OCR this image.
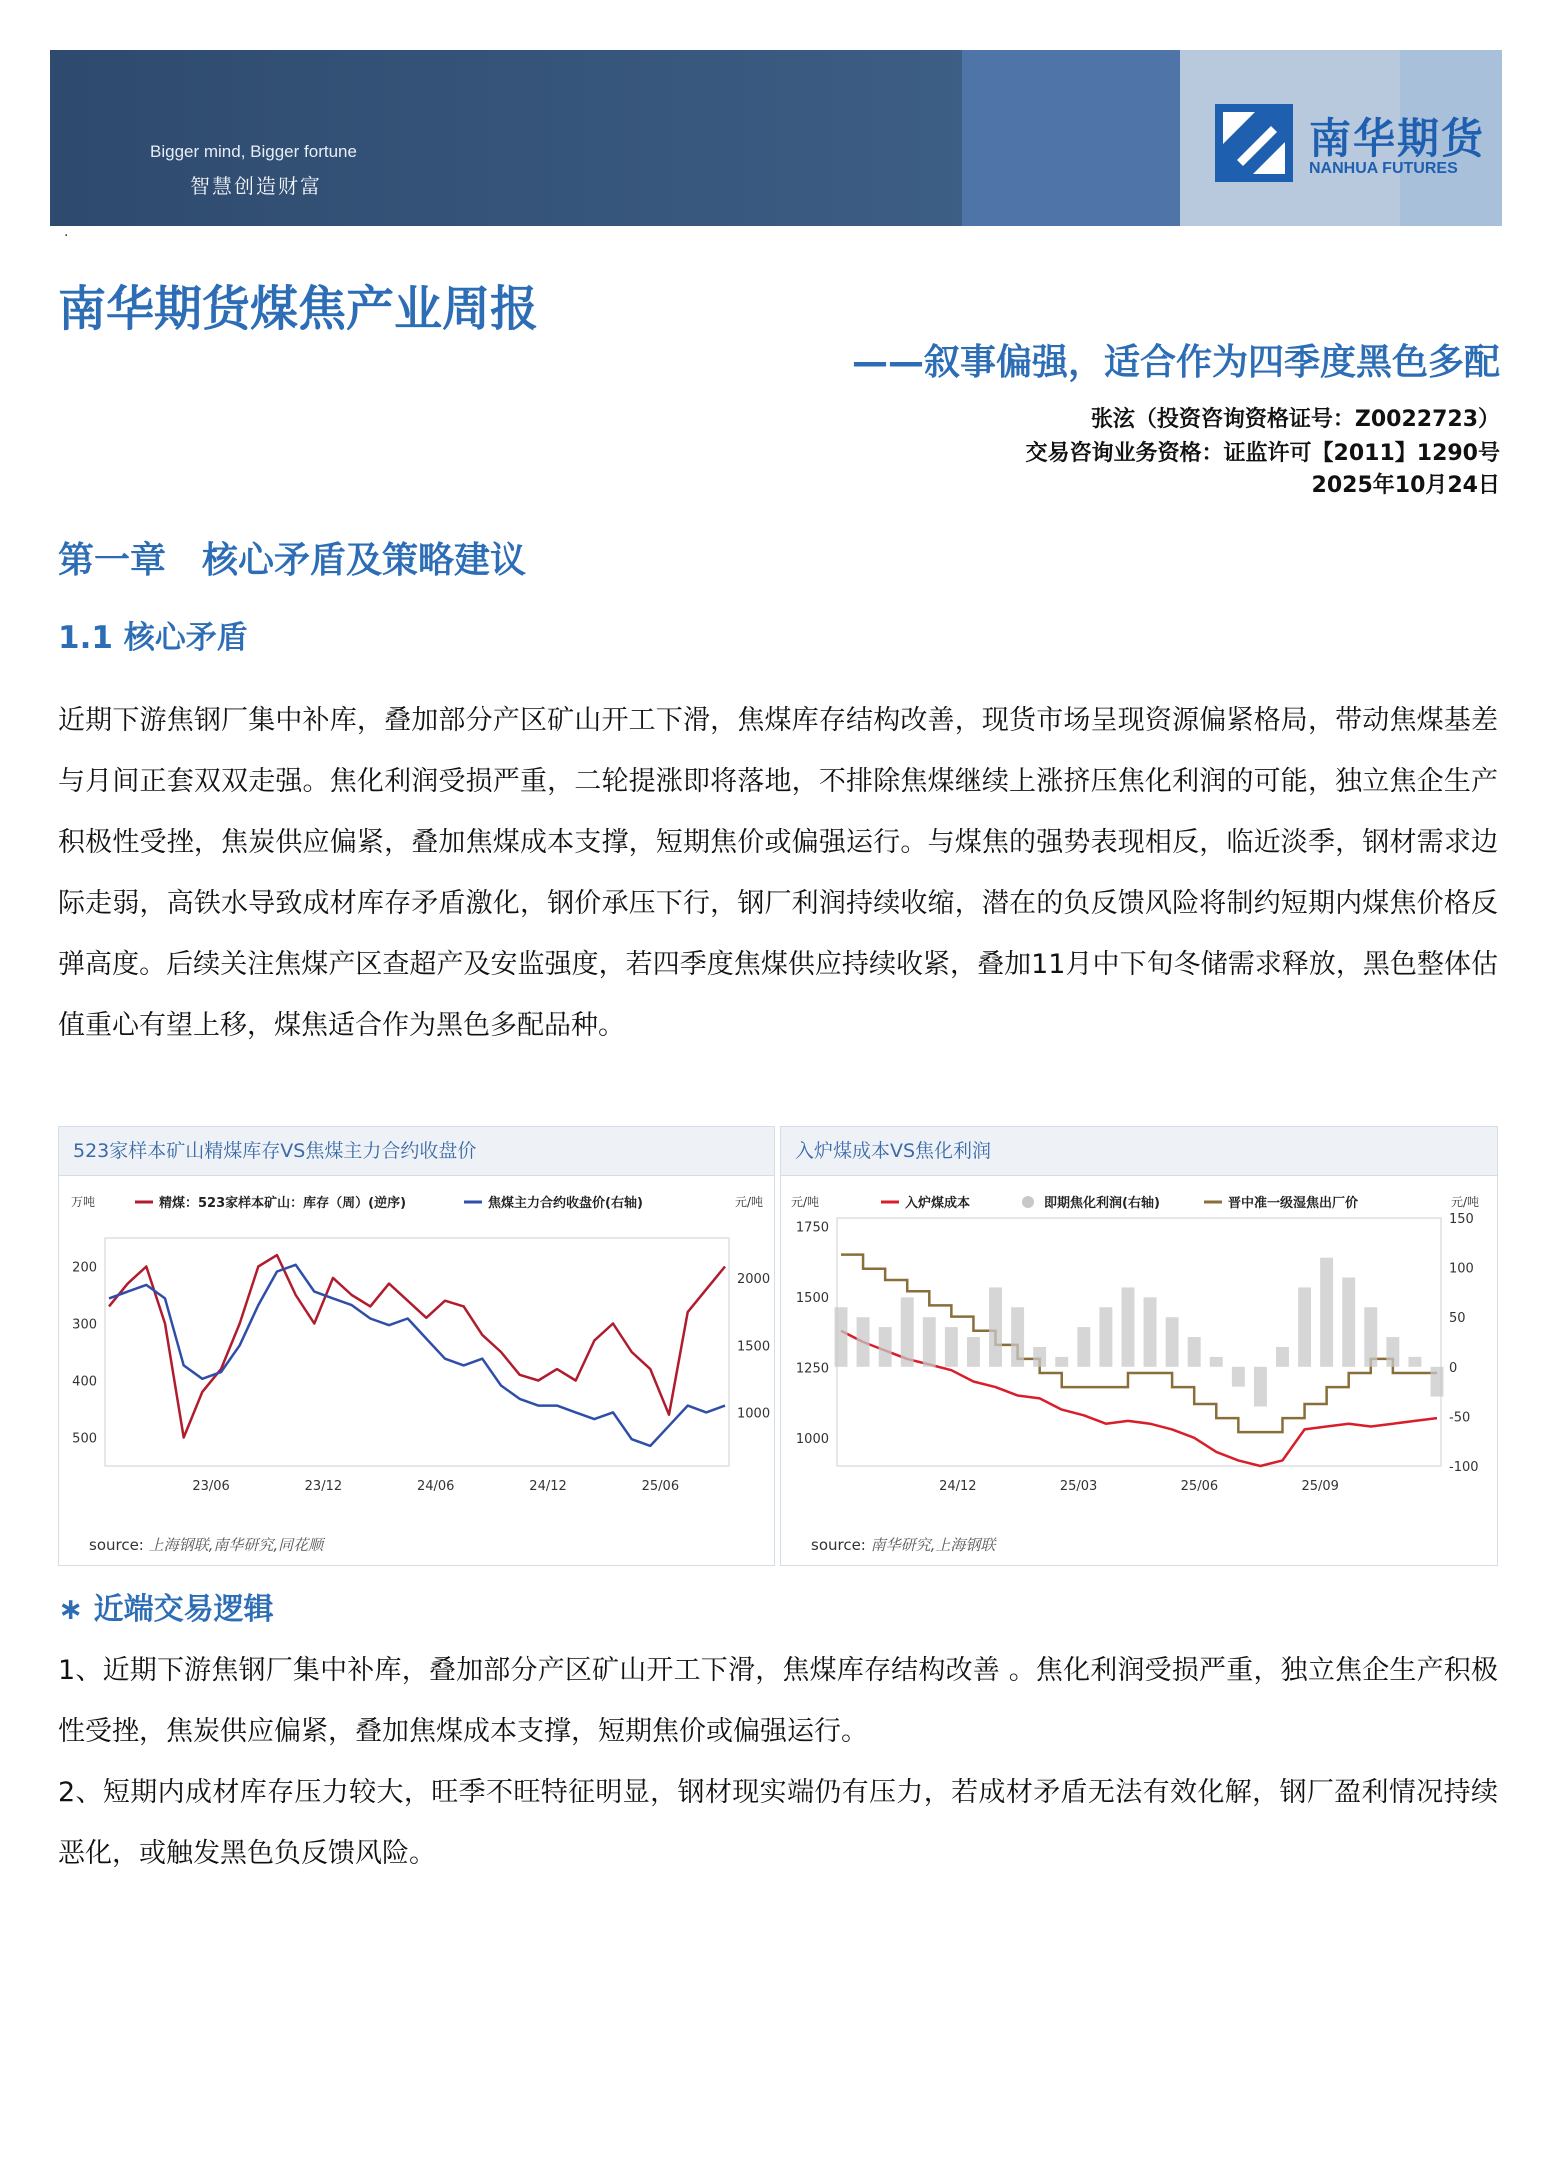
Bigger mind, Bigger fortune
智慧创造财富
南华期货
NANHUA FUTURES
·
南华期货煤焦产业周报
——叙事偏强，适合作为四季度黑色多配
张泫（投资咨询资格证号：Z0022723）
交易咨询业务资格：证监许可【2011】1290号
2025年10月24日
第一章　核心矛盾及策略建议
1.1 核心矛盾
近期下游焦钢厂集中补库，叠加部分产区矿山开工下滑，焦煤库存结构改善，现货市场呈现资源偏紧格局，带动焦煤基差与月间正套双双走强。焦化利润受损严重，二轮提涨即将落地，不排除焦煤继续上涨挤压焦化利润的可能，独立焦企生产积极性受挫，焦炭供应偏紧，叠加焦煤成本支撑，短期焦价或偏强运行。与煤焦的强势表现相反，临近淡季，钢材需求边际走弱，高铁水导致成材库存矛盾激化，钢价承压下行，钢厂利润持续收缩，潜在的负反馈风险将制约短期内煤焦价格反弹高度。后续关注焦煤产区查超产及安监强度，若四季度焦煤供应持续收紧，叠加11月中下旬冬储需求释放，黑色整体估值重心有望上移，煤焦适合作为黑色多配品种。
523家样本矿山精煤库存VS焦煤主力合约收盘价
万吨	元/吨
精煤：523家样本矿山：库存（周）(逆序)	焦煤主力合约收盘价(右轴)
200
300
400
500
2000
1500
1000
23/06	23/12	24/06	24/12	25/06
source: 上海钢联,南华研究,同花顺
入炉煤成本VS焦化利润
元/吨	元/吨
入炉煤成本	即期焦化利润(右轴)	晋中准一级湿焦出厂价
1750
1500
1250
1000
150
100
50
0
-50
-100
24/12	25/03	25/06	25/09
source: 南华研究,上海钢联
∗ 近端交易逻辑

1、近期下游焦钢厂集中补库，叠加部分产区矿山开工下滑，焦煤库存结构改善 。焦化利润受损严重，独立焦企生产积极性受挫，焦炭供应偏紧，叠加焦煤成本支撑，短期焦价或偏强运行。

2、短期内成材库存压力较大，旺季不旺特征明显，钢材现实端仍有压力，若成材矛盾无法有效化解，钢厂盈利情况持续恶化，或触发黑色负反馈风险。
